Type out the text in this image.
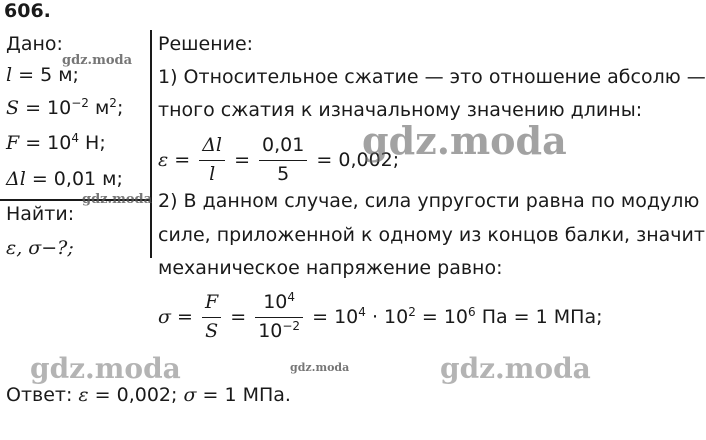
606.
Дано:
l = 5 м;
$S = 10^{-2}$ $м^2$;
$F = 10^4$ Н;
Δl = 0,01 м;
Найти:
ε, σ−?;
Решение:
1) Относительное сжатие — это отношение абсолю —
тного сжатия к изначальному значению длины:
$\varepsilon = \frac{\Delta l}{l} = \frac{0,01}{5} = 0,002$;
2) В данном случае, сила упругости равна по модулю
силе, приложенной к одному из концов балки, значит
механическое напряжение равно:
$\sigma = \frac{F}{S} = \frac{10^4}{10^{-2}} = 10^4 \cdot 10^2 = 10^6$ Па = 1 МПа;
Ответ: ε = 0,002; σ = 1 МПа.
gdz.moda
gdz.moda
gdz.moda
gdz.moda	gdz.moda	gdz.moda
